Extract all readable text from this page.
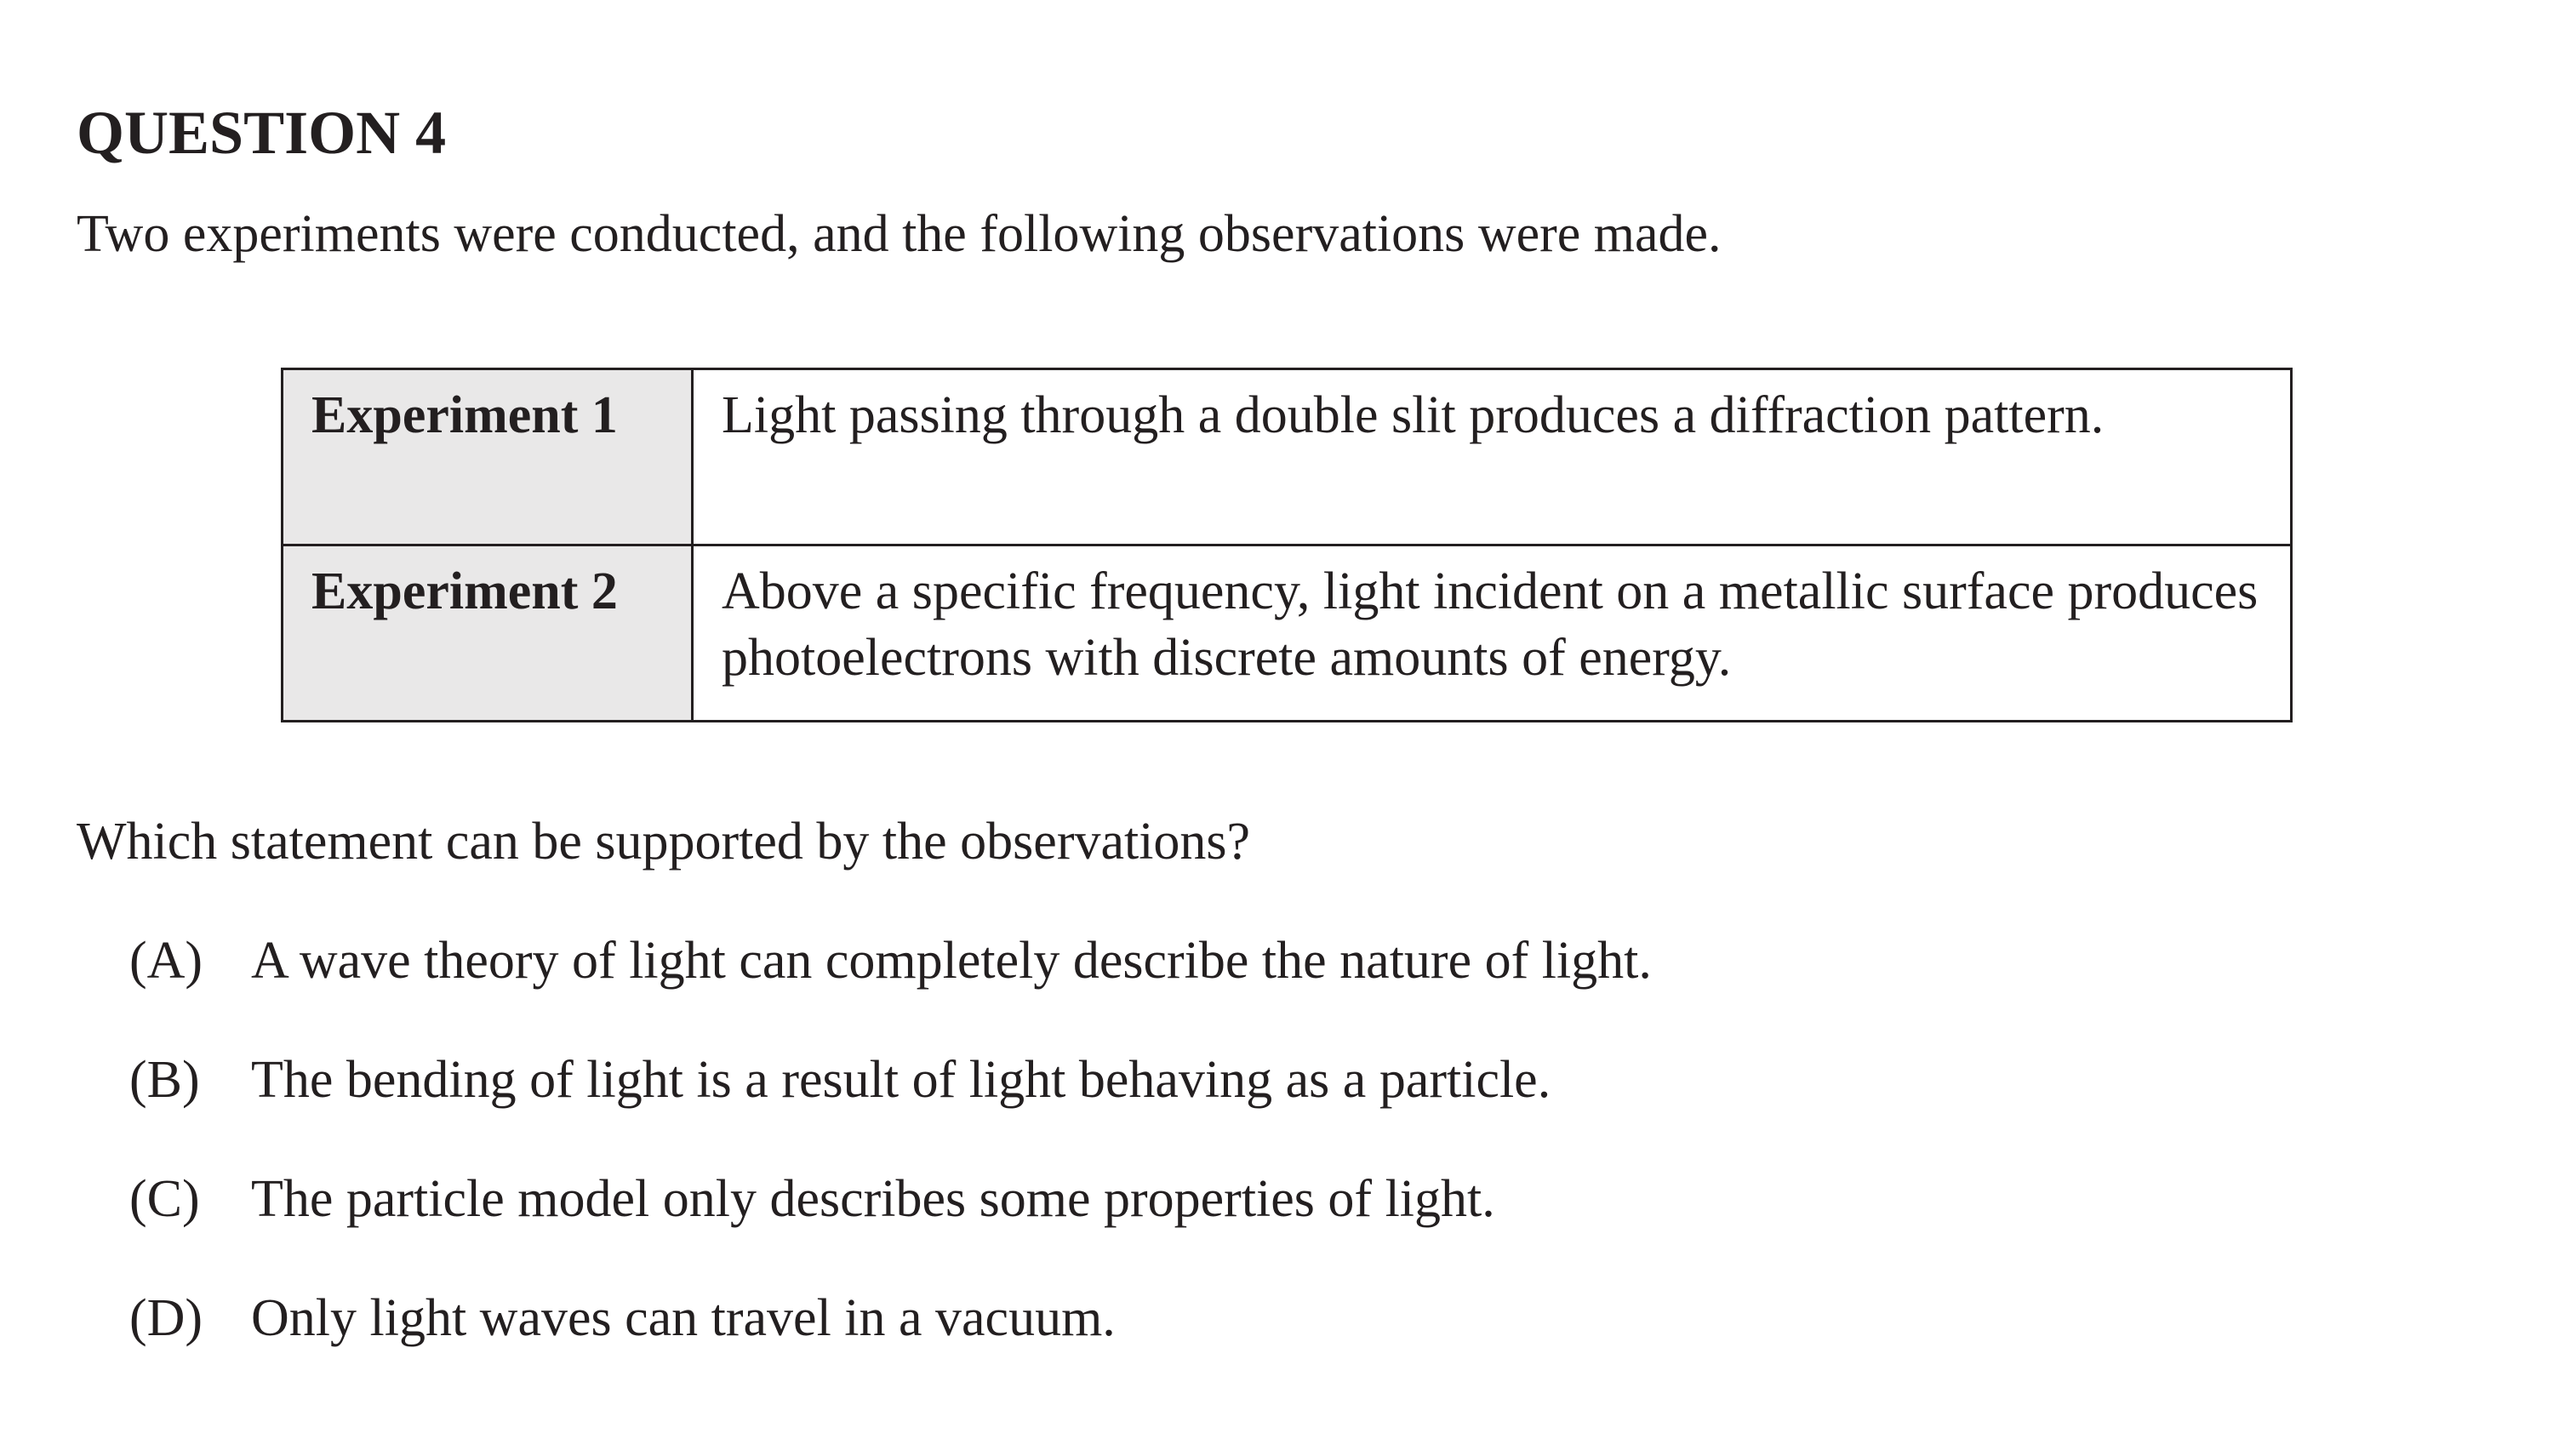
QUESTION 4

Two experiments were conducted, and the following observations were made.

Experiment 1	Light passing through a double slit produces a diffraction pattern.
Experiment 2	Above a specific frequency, light incident on a metallic surface produces photoelectrons with discrete amounts of energy.

Which statement can be supported by the observations?

(A) A wave theory of light can completely describe the nature of light.
(B) The bending of light is a result of light behaving as a particle.
(C) The particle model only describes some properties of light.
(D) Only light waves can travel in a vacuum.
